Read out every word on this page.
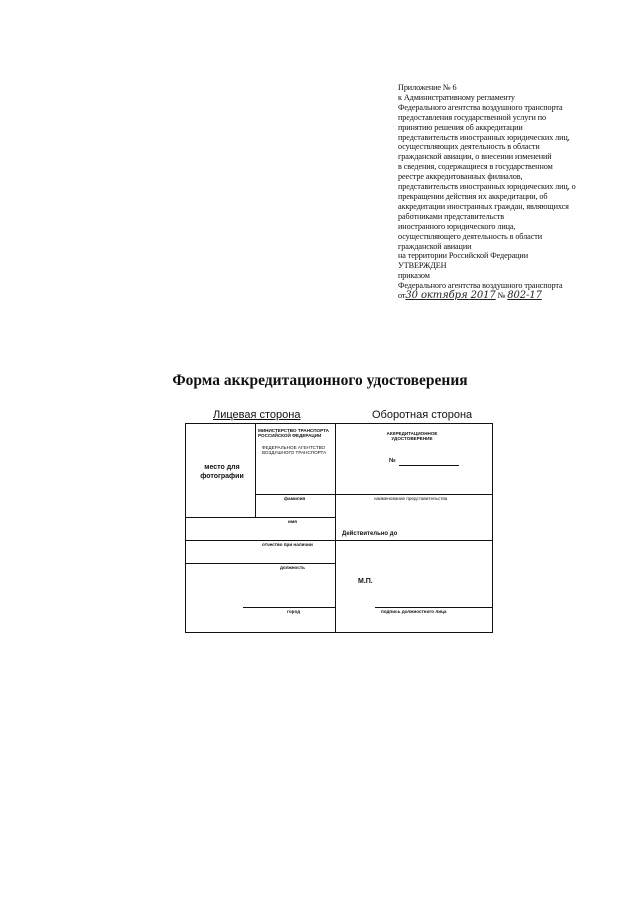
Приложение № 6
к Административному регламенту
Федерального агентства воздушного транспорта
предоставления государственной услуги по
принятию решения об аккредитации
представительств иностранных юридических лиц,
осуществляющих деятельность в области
гражданской авиации, о внесении изменений
в сведения, содержащиеся в государственном
реестре аккредитованных филиалов,
представительств иностранных юридических лиц, о
прекращении действия их аккредитации, об
аккредитации иностранных граждан, являющихся
работниками представительств
иностранного юридического лица,
осуществляющего деятельность в области
гражданской авиации
на территории Российской Федерации
УТВЕРЖДЕН
приказом
Федерального агентства воздушного транспорта
от30 октября 2017 № 802-17
Форма аккредитационного удостоверения
Лицевая сторона	Оборотная сторона
место для фотографии
МИНИСТЕРСТВО ТРАНСПОРТА РОССИЙСКОЙ ФЕДЕРАЦИИ
ФЕДЕРАЛЬНОЕ АГЕНТСТВО ВОЗДУШНОГО ТРАНСПОРТА
фамилия
имя
отчество при наличии
должность
город
АККРЕДИТАЦИОННОЕ УДОСТОВЕРЕНИЕ
№
наименование представительства
Действительно до
М.П.
подпись должностного лица
